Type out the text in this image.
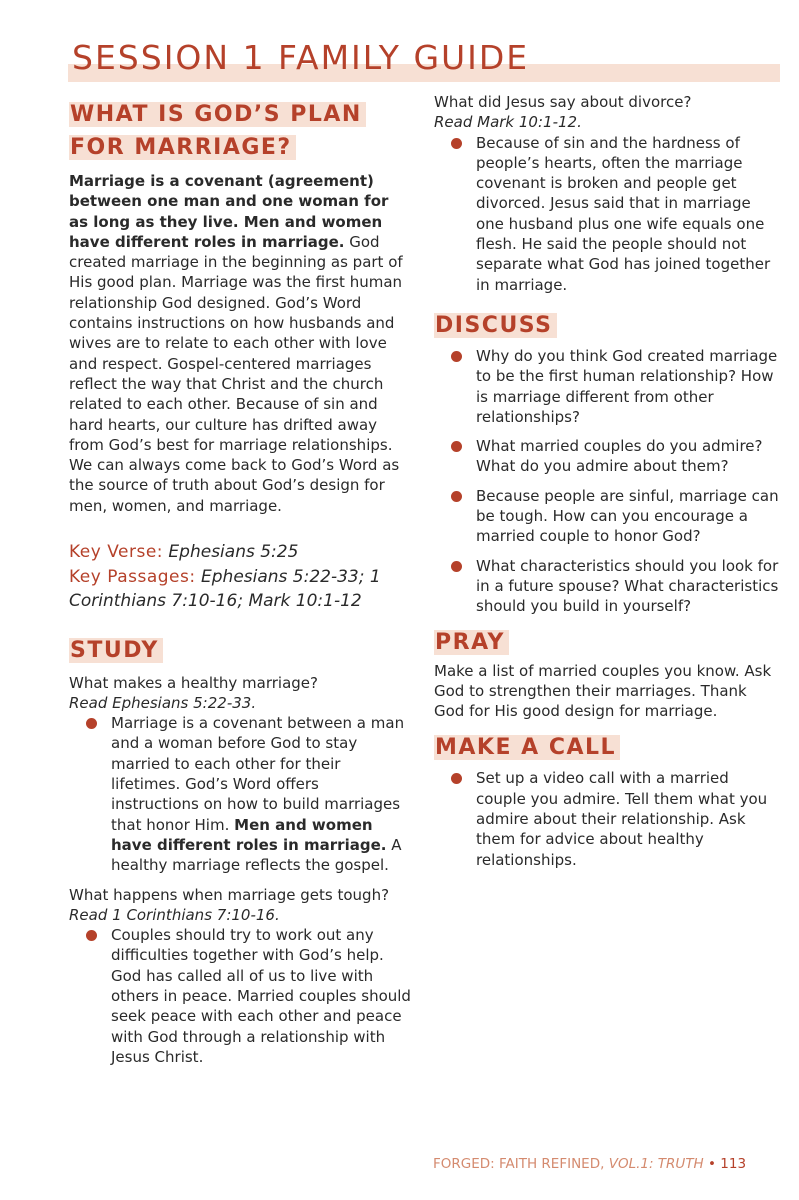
SESSION 1 FAMILY GUIDE
WHAT IS GOD’S PLAN FOR MARRIAGE?

Marriage is a covenant (agreement) between one man and one woman for as long as they live. Men and women have different roles in marriage. God created marriage in the beginning as part of His good plan. Marriage was the first human relationship God designed. God’s Word contains instructions on how husbands and wives are to relate to each other with love and respect. Gospel-centered marriages reflect the way that Christ and the church related to each other. Because of sin and hard hearts, our culture has drifted away from God’s best for marriage relationships. We can always come back to God’s Word as the source of truth about God’s design for men, women, and marriage.

Key Verse: Ephesians 5:25

Key Passages: Ephesians 5:22-33; 1 Corinthians 7:10-16; Mark 10:1-12

STUDY

What makes a healthy marriage?

Read Ephesians 5:22-33.

Marriage is a covenant between a man and a woman before God to stay married to each other for their lifetimes. God’s Word offers instructions on how to build marriages that honor Him. Men and women have different roles in marriage. A healthy marriage reflects the gospel.

What happens when marriage gets tough?

Read 1 Corinthians 7:10-16.

Couples should try to work out any difficulties together with God’s help. God has called all of us to live with others in peace. Married couples should seek peace with each other and peace with God through a relationship with Jesus Christ.

What did Jesus say about divorce?

Read Mark 10:1-12.

Because of sin and the hardness of people’s hearts, often the marriage covenant is broken and people get divorced. Jesus said that in marriage one husband plus one wife equals one flesh. He said the people should not separate what God has joined together in marriage.
DISCUSS
Why do you think God created marriage to be the first human relationship? How is marriage different from other relationships?
What married couples do you admire? What do you admire about them?
Because people are sinful, marriage can be tough. How can you encourage a married couple to honor God?
What characteristics should you look for in a future spouse? What characteristics should you build in yourself?
PRAY

Make a list of married couples you know. Ask God to strengthen their marriages. Thank God for His good design for marriage.

MAKE A CALL
Set up a video call with a married couple you admire. Tell them what you admire about their relationship. Ask them for advice about healthy relationships.
FORGED: FAITH REFINED, VOL.1: TRUTH • 113
